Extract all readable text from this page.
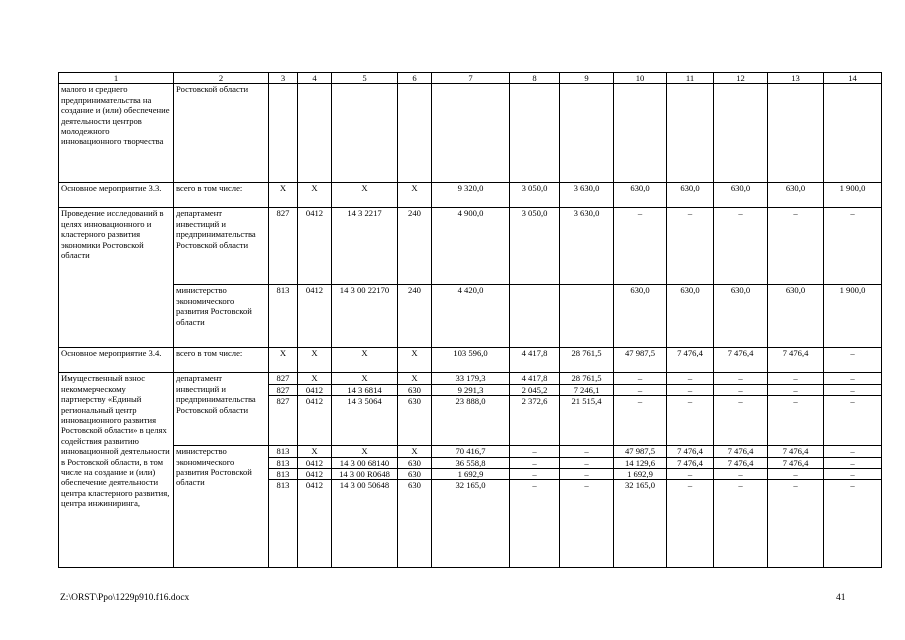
1	2	3	4	5	6	7	8	9	10	11	12	13	14
малого и среднего предпринимательства на создание и (или) обеспечение деятельности центров молодежного инновационного творчества	Ростовской области												
Основное мероприятие 3.3.	всего в том числе:	Х	Х	Х	Х	9 320,0	3 050,0	3 630,0	630,0	630,0	630,0	630,0	1 900,0
Проведение исследований в целях инновационного и кластерного развития экономики Ростовской области	департамент инвестиций и предпринимательства Ростовской области	827	0412	14 3 2217	240	4 900,0	3 050,0	3 630,0	–	–	–	–	–
	министерство экономического развития Ростовской области	813	0412	14 3 00 22170	240	4 420,0			630,0	630,0	630,0	630,0	1 900,0
Основное мероприятие 3.4.	всего в том числе:	Х	Х	Х	Х	103 596,0	4 417,8	28 761,5	47 987,5	7 476,4	7 476,4	7 476,4	–
Имущественный взнос некоммерческому партнерству «Единый региональный центр инновационного развития Ростовской области» в целях содействия развитию инновационной деятельности в Ростовской области, в том числе на создание и (или) обеспечение деятельности центра кластерного развития, центра инжиниринга,	департамент инвестиций и предпринимательства Ростовской области	827	Х	Х	Х	33 179,3	4 417,8	28 761,5	–	–	–	–	–
		827	0412	14 3 6814	630	9 291,3	2 045,2	7 246,1	–	–	–	–	–
		827	0412	14 3 5064	630	23 888,0	2 372,6	21 515,4	–	–	–	–	–
	министерство экономического развития Ростовской области	813	Х	Х	Х	70 416,7	–	–	47 987,5	7 476,4	7 476,4	7 476,4	–
		813	0412	14 3 00 68140	630	36 558,8	–	–	14 129,6	7 476,4	7 476,4	7 476,4	–
		813	0412	14 3 00 R0648	630	1 692,9	–	–	1 692,9	–	–	–	–
		813	0412	14 3 00 50648	630	32 165,0	–	–	32 165,0	–	–	–	–
Z:\ORST\Ppo\1229p910.f16.docx	41
